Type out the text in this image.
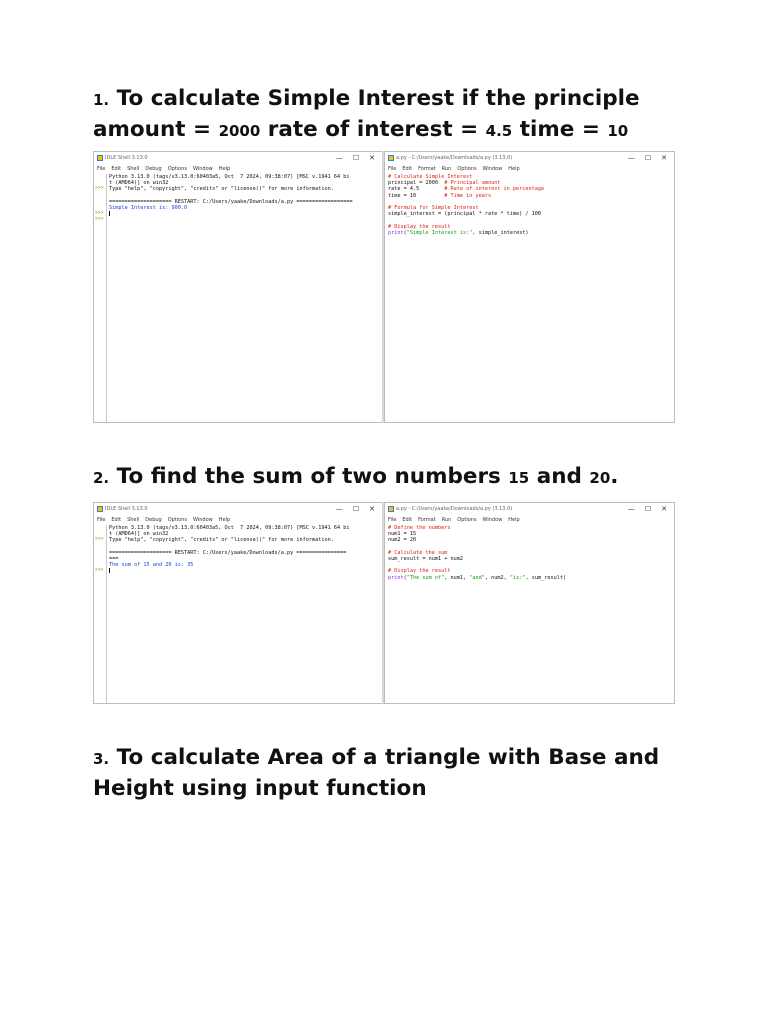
1. To calculate Simple Interest if the principle amount = 2000 rate of interest = 4.5 time = 10
IDLE Shell 3.13.0	— ☐ ✕
File Edit Shell Debug Options Window Help
>>>
>>>
>>>
Python 3.13.0 (tags/v3.13.0:60403a5, Oct  7 2024, 09:38:07) [MSC v.1941 64 bi
t (AMD64)] on win32
Type "help", "copyright", "credits" or "license()" for more information.

==================== RESTART: C:/Users/yaake/Downloads/a.py ==================
Simple Interest is: 900.0

a.py - C:/Users/yaake/Downloads/a.py (3.13.0)	— ☐ ✕
File Edit Format Run Options Window Help
# Calculate Simple Interest
principal = 2000  # Principal amount
rate = 4.5        # Rate of interest in percentage
time = 10         # Time in years

# Formula for Simple Interest
simple_interest = (principal * rate * time) / 100

# Display the result
print("Simple Interest is:", simple_interest)
2. To find the sum of two numbers 15 and 20.
IDLE Shell 3.13.0	— ☐ ✕
File Edit Shell Debug Options Window Help
>>>
>>>
Python 3.13.0 (tags/v3.13.0:60403a5, Oct  7 2024, 09:38:07) [MSC v.1941 64 bi
t (AMD64)] on win32
Type "help", "copyright", "credits" or "license()" for more information.

==================== RESTART: C:/Users/yaake/Downloads/a.py ================
===
The sum of 15 and 20 is: 35

a.py - C:/Users/yaake/Downloads/a.py (3.13.0)	— ☐ ✕
File Edit Format Run Options Window Help
# Define the numbers
num1 = 15
num2 = 20

# Calculate the sum
sum_result = num1 + num2

# Display the result
print("The sum of", num1, "and", num2, "is:", sum_result)
3. To calculate Area of a triangle with Base and Height using input function
